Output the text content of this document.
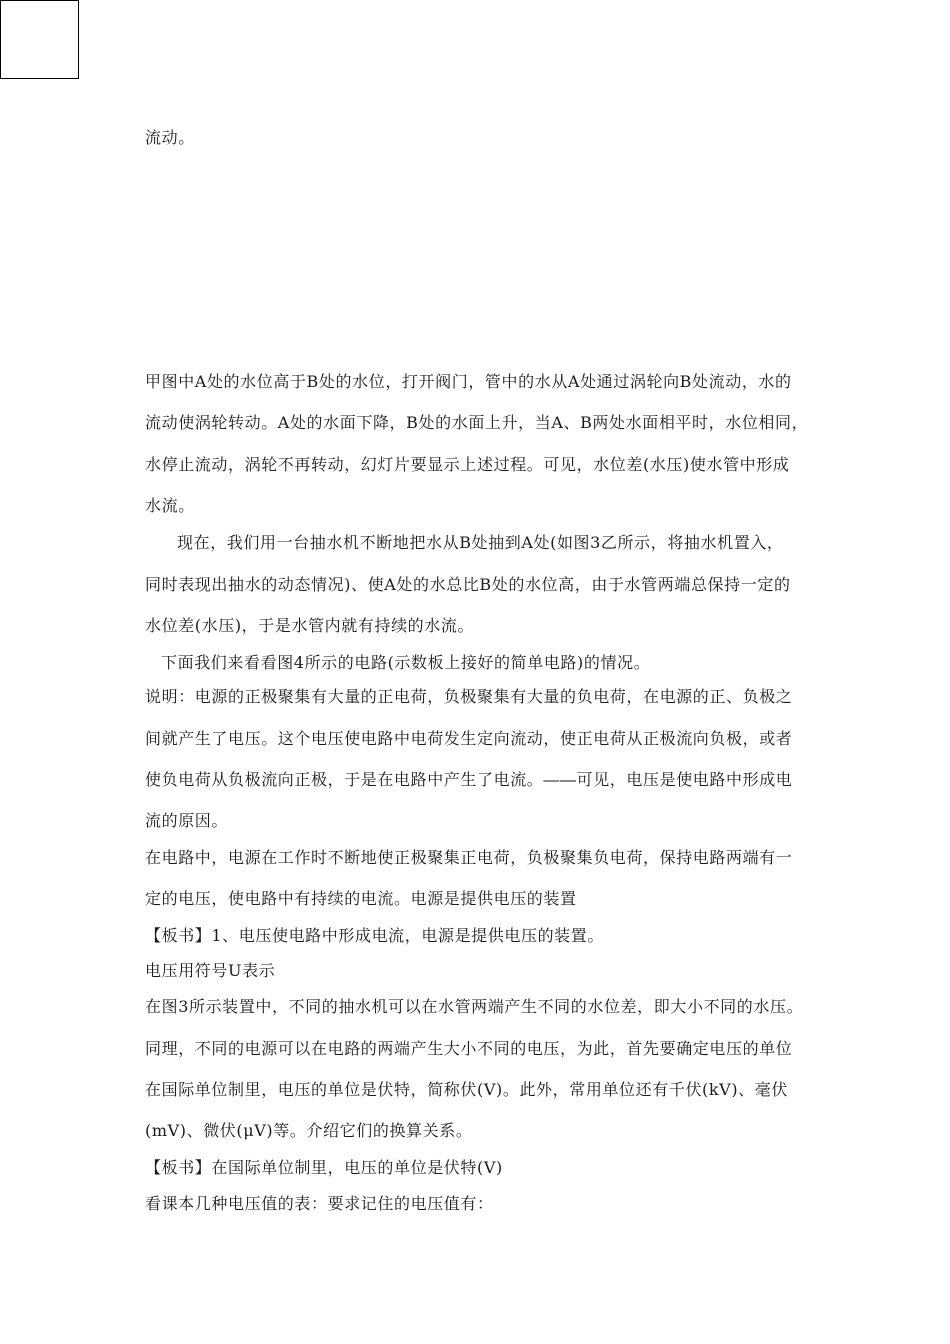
流动。
甲图中A处的水位高于B处的水位，打开阀门，管中的水从A处通过涡轮向B处流动，水的
流动使涡轮转动。A处的水面下降，B处的水面上升，当A、B两处水面相平时，水位相同，
水停止流动，涡轮不再转动，幻灯片要显示上述过程。可见，水位差(水压)使水管中形成
水流。
现在，我们用一台抽水机不断地把水从B处抽到A处(如图3乙所示，将抽水机置入，
同时表现出抽水的动态情况)、使A处的水总比B处的水位高，由于水管两端总保持一定的
水位差(水压)，于是水管内就有持续的水流。
下面我们来看看图4所示的电路(示数板上接好的简单电路)的情况。
说明：电源的正极聚集有大量的正电荷，负极聚集有大量的负电荷，在电源的正、负极之
间就产生了电压。这个电压使电路中电荷发生定向流动，使正电荷从正极流向负极，或者
使负电荷从负极流向正极，于是在电路中产生了电流。――可见，电压是使电路中形成电
流的原因。
在电路中，电源在工作时不断地使正极聚集正电荷，负极聚集负电荷，保持电路两端有一
定的电压，使电路中有持续的电流。电源是提供电压的装置
【板书】1、电压使电路中形成电流，电源是提供电压的装置。
电压用符号U表示
在图3所示装置中，不同的抽水机可以在水管两端产生不同的水位差，即大小不同的水压。
同理，不同的电源可以在电路的两端产生大小不同的电压，为此，首先要确定电压的单位
在国际单位制里，电压的单位是伏特，简称伏(V)。此外，常用单位还有千伏(kV)、毫伏
(mV)、微伏(μV)等。介绍它们的换算关系。
【板书】在国际单位制里，电压的单位是伏特(V)
看课本几种电压值的表：要求记住的电压值有：
